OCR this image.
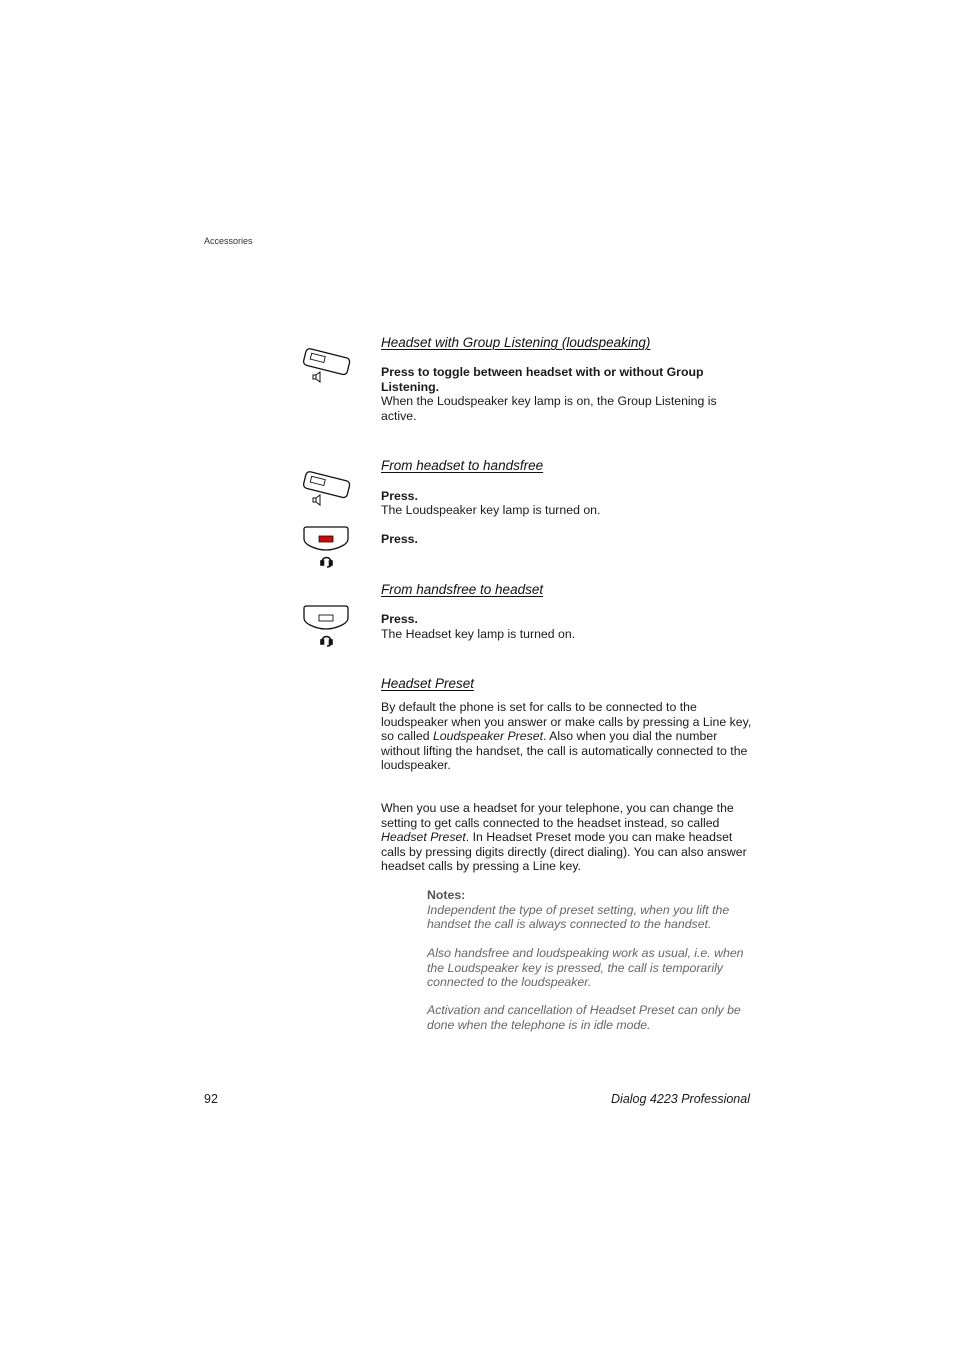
Accessories
Headset with Group Listening (loudspeaking)
Press to toggle between headset with or without Group Listening.
When the Loudspeaker key lamp is on, the Group Listening is active.
From headset to handsfree
Press.
The Loudspeaker key lamp is turned on.
Press.
From handsfree to headset
Press.
The Headset key lamp is turned on.
Headset Preset

By default the phone is set for calls to be connected to the loudspeaker when you answer or make calls by pressing a Line key, so called Loudspeaker Preset. Also when you dial the number without lifting the handset, the call is automatically connected to the loudspeaker.

When you use a headset for your telephone, you can change the setting to get calls connected to the headset instead, so called Headset Preset. In Headset Preset mode you can make headset calls by pressing digits directly (direct dialing). You can also answer headset calls by pressing a Line key.

Notes:

Independent the type of preset setting, when you lift the handset the call is always connected to the handset.

Also handsfree and loudspeaking work as usual, i.e. when the Loudspeaker key is pressed, the call is temporarily connected to the loudspeaker.

Activation and cancellation of Headset Preset can only be done when the telephone is in idle mode.

92	Dialog 4223 Professional
